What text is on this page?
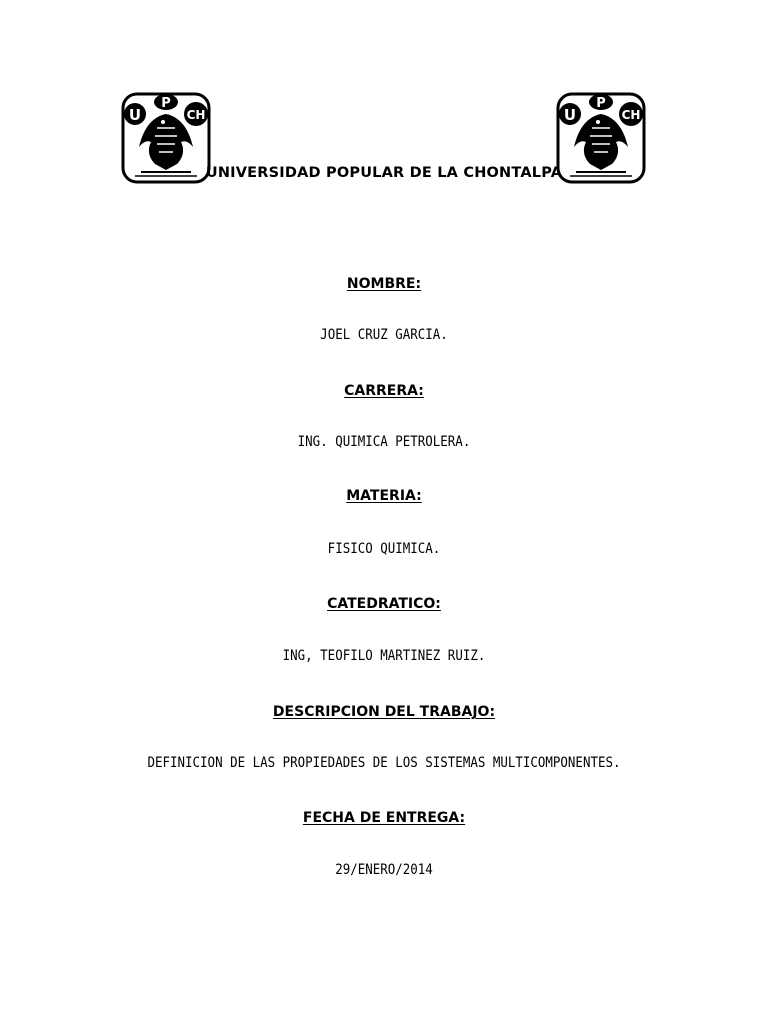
U
P
CH	U
P
CH
UNIVERSIDAD POPULAR DE LA CHONTALPA
NOMBRE:
JOEL CRUZ GARCIA.
CARRERA:
ING. QUIMICA PETROLERA.
MATERIA:
FISICO QUIMICA.
CATEDRATICO:
ING, TEOFILO MARTINEZ RUIZ.
DESCRIPCION DEL TRABAJO:
DEFINICION DE LAS PROPIEDADES DE LOS SISTEMAS MULTICOMPONENTES.
FECHA DE ENTREGA:
29/ENERO/2014
